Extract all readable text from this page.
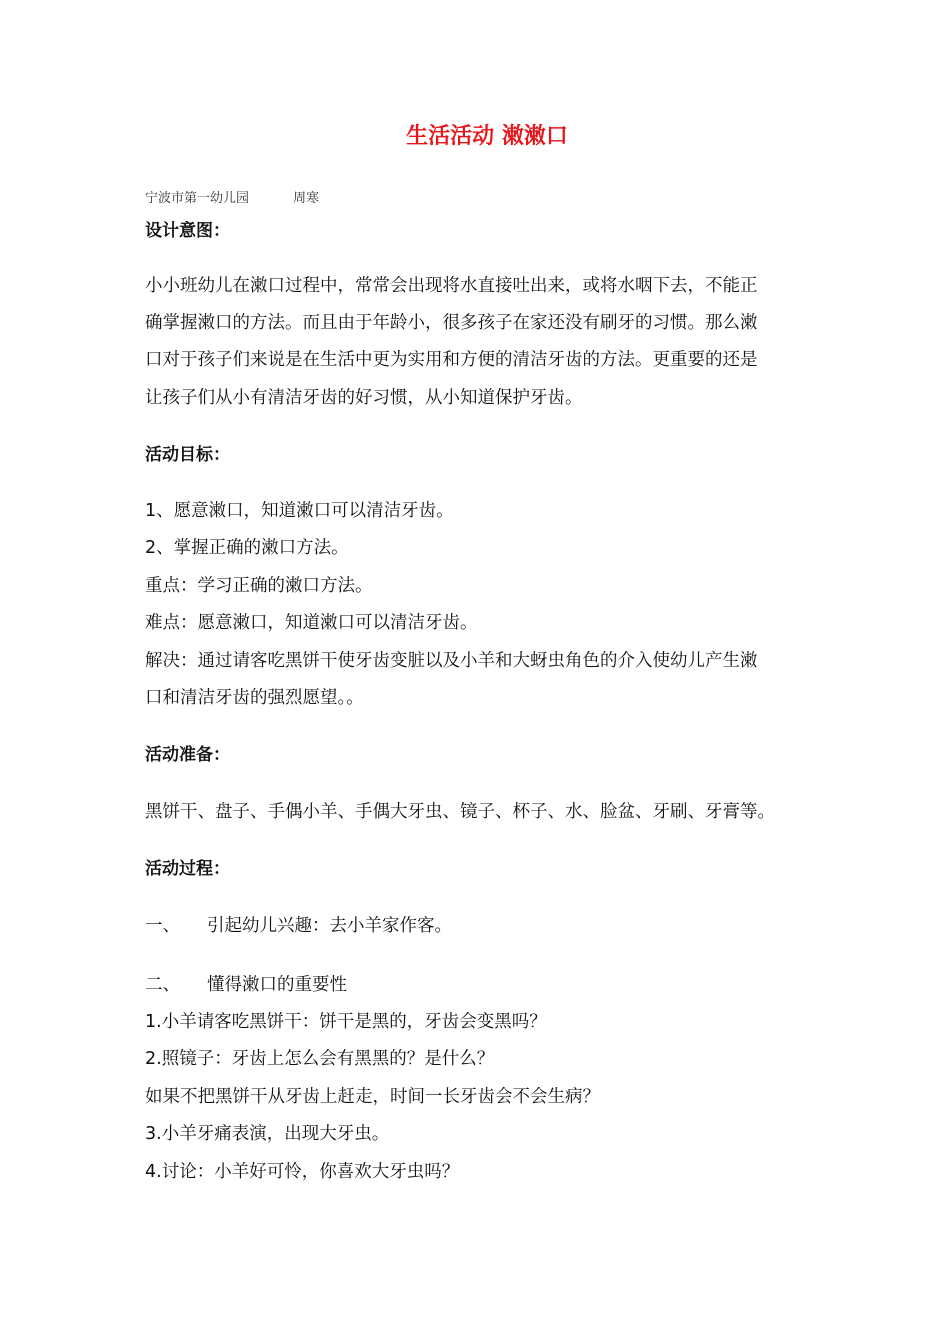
生活活动 潄潄口
宁波市第一幼儿园	周寒
设计意图：
小小班幼儿在潄口过程中，常常会出现将水直接吐出来，或将水咽下去，不能正
确掌握潄口的方法。而且由于年龄小，很多孩子在家还没有刷牙的习惯。那么潄
口对于孩子们来说是在生活中更为实用和方便的清洁牙齿的方法。更重要的还是
让孩子们从小有清洁牙齿的好习惯，从小知道保护牙齿。
活动目标：
1、愿意潄口，知道潄口可以清洁牙齿。
2、掌握正确的潄口方法。
重点：学习正确的潄口方法。
难点：愿意潄口，知道潄口可以清洁牙齿。
解决：通过请客吃黑饼干使牙齿变脏以及小羊和大蚜虫角色的介入使幼儿产生潄
口和清洁牙齿的强烈愿望。。
活动准备：
黑饼干、盘子、手偶小羊、手偶大牙虫、镜子、杯子、水、脸盆、牙刷、牙膏等。
活动过程：
一、 引起幼儿兴趣：去小羊家作客。
二、 懂得潄口的重要性
1.小羊请客吃黑饼干：饼干是黑的，牙齿会变黑吗？
2.照镜子：牙齿上怎么会有黑黑的？是什么？
如果不把黑饼干从牙齿上赶走，时间一长牙齿会不会生病？
3.小羊牙痛表演，出现大牙虫。
4.讨论：小羊好可怜，你喜欢大牙虫吗？
